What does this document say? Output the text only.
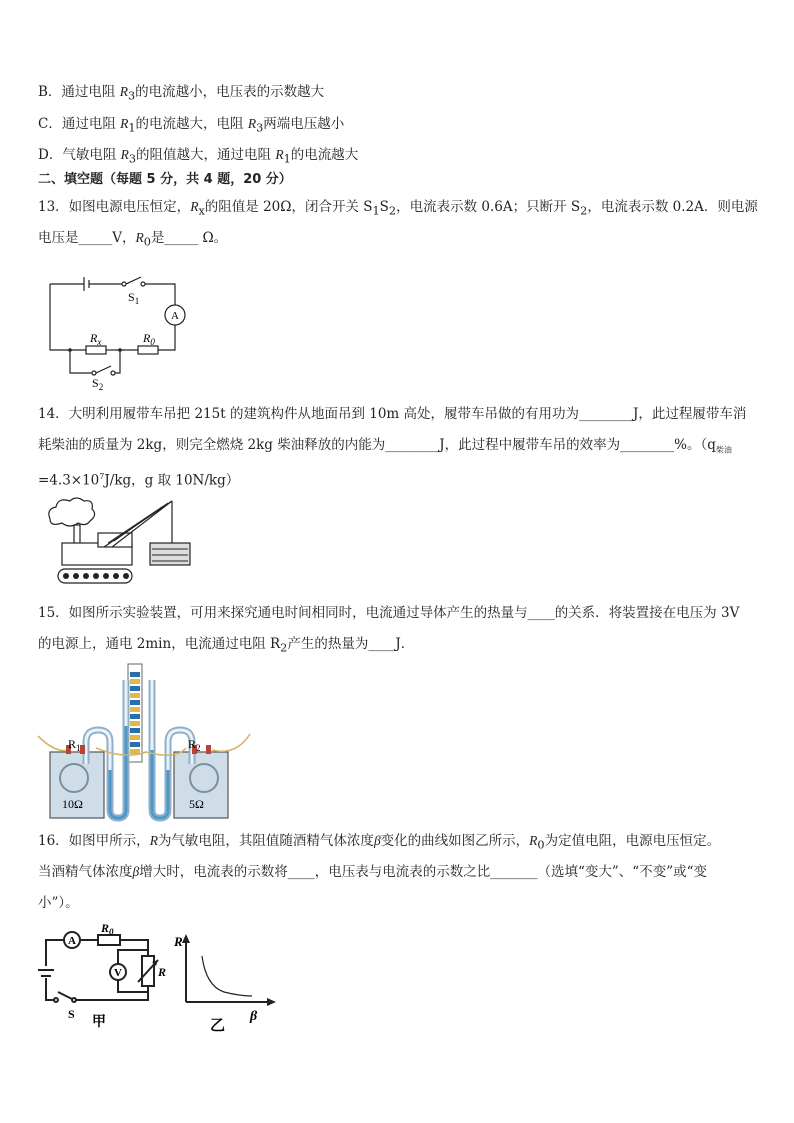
B．通过电阻 $R_3$的电流越小，电压表的示数越大
C．通过电阻 $R_1$的电流越大，电阻 $R_3$两端电压越小
D．气敏电阻 $R_3$的阻值越大，通过电阻 $R_1$的电流越大
二、填空题（每题 5 分，共 4 题，20 分）
13．如图电源电压恒定，$R_x$的阻值是 20Ω，闭合开关 $S_1S_2$，电流表示数 0.6A；只断开 $S_2$，电流表示数 0.2A．则电源
电压是_____V，$R_0$是_____ Ω。
A
$S_1$
$R_x$	$R_0$
$S_2$
14．大明利用履带车吊把 215t 的建筑构件从地面吊到 10m 高处，履带车吊做的有用功为________J，此过程履带车消
耗柴油的质量为 2kg，则完全燃烧 2kg 柴油释放的内能为________J，此过程中履带车吊的效率为________%。（$q_{柴油}$
$=4.3\times 10^7J/kg$，g 取 10N/kg）
15．如图所示实验装置，可用来探究通电时间相同时，电流通过导体产生的热量与____的关系．将装置接在电压为 3V
的电源上，通电 2min，电流通过电阻 $R_2$产生的热量为____J．
$R_1$	$R_2$
10Ω	5Ω
16．如图甲所示，R为气敏电阻，其阻值随酒精气体浓度β变化的曲线如图乙所示，$R_0$为定值电阻，电源电压恒定。
当酒精气体浓度β增大时，电流表的示数将____，电压表与电流表的示数之比_______（选填“变大”、“不变”或“变
小”）。
A
V
$R_0$
R
S
甲
R
β
乙
